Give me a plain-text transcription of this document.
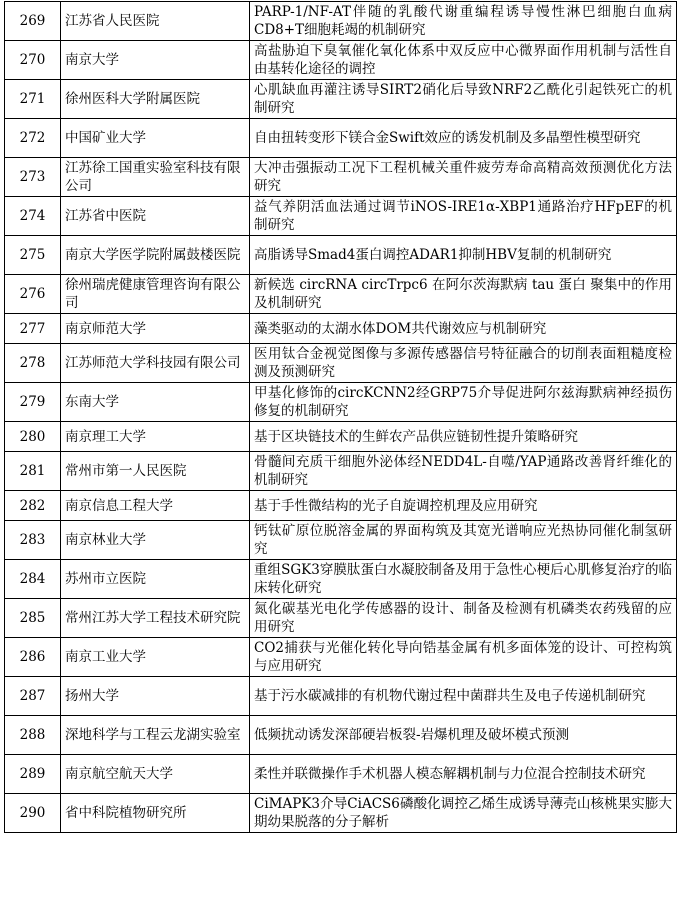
269	江苏省人民医院	PARP-1/NF-AT伴随的乳酸代谢重编程诱导慢性淋巴细胞白血病CD8+T细胞耗竭的机制研究
270	南京大学	高盐胁迫下臭氧催化氧化体系中双反应中心微界面作用机制与活性自由基转化途径的调控
271	徐州医科大学附属医院	心肌缺血再灌注诱导SIRT2硝化后导致NRF2乙酰化引起铁死亡的机制研究
272	中国矿业大学	自由扭转变形下镁合金Swift效应的诱发机制及多晶塑性模型研究
273	江苏徐工国重实验室科技有限公司	大冲击强振动工况下工程机械关重件疲劳寿命高精高效预测优化方法研究
274	江苏省中医院	益气养阴活血法通过调节iNOS-IRE1α-XBP1通路治疗HFpEF的机制研究
275	南京大学医学院附属鼓楼医院	高脂诱导Smad4蛋白调控ADAR1抑制HBV复制的机制研究
276	徐州瑞虎健康管理咨询有限公司	新候选 circRNA circTrpc6 在阿尔茨海默病 tau 蛋白 聚集中的作用及机制研究
277	南京师范大学	藻类驱动的太湖水体DOM共代谢效应与机制研究
278	江苏师范大学科技园有限公司	医用钛合金视觉图像与多源传感器信号特征融合的切削表面粗糙度检测及预测研究
279	东南大学	甲基化修饰的circKCNN2经GRP75介导促进阿尔兹海默病神经损伤修复的机制研究
280	南京理工大学	基于区块链技术的生鲜农产品供应链韧性提升策略研究
281	常州市第一人民医院	骨髓间充质干细胞外泌体经NEDD4L-自噬/YAP通路改善肾纤维化的机制研究
282	南京信息工程大学	基于手性微结构的光子自旋调控机理及应用研究
283	南京林业大学	钙钛矿原位脱溶金属的界面构筑及其宽光谱响应光热协同催化制氢研究
284	苏州市立医院	重组SGK3穿膜肽蛋白水凝胶制备及用于急性心梗后心肌修复治疗的临床转化研究
285	常州江苏大学工程技术研究院	氮化碳基光电化学传感器的设计、制备及检测有机磷类农药残留的应用研究
286	南京工业大学	CO2捕获与光催化转化导向锆基金属有机多面体笼的设计、可控构筑与应用研究
287	扬州大学	基于污水碳减排的有机物代谢过程中菌群共生及电子传递机制研究
288	深地科学与工程云龙湖实验室	低频扰动诱发深部硬岩板裂-岩爆机理及破坏模式预测
289	南京航空航天大学	柔性并联微操作手术机器人模态解耦机制与力位混合控制技术研究
290	省中科院植物研究所	CiMAPK3介导CiACS6磷酸化调控乙烯生成诱导薄壳山核桃果实膨大期幼果脱落的分子解析
